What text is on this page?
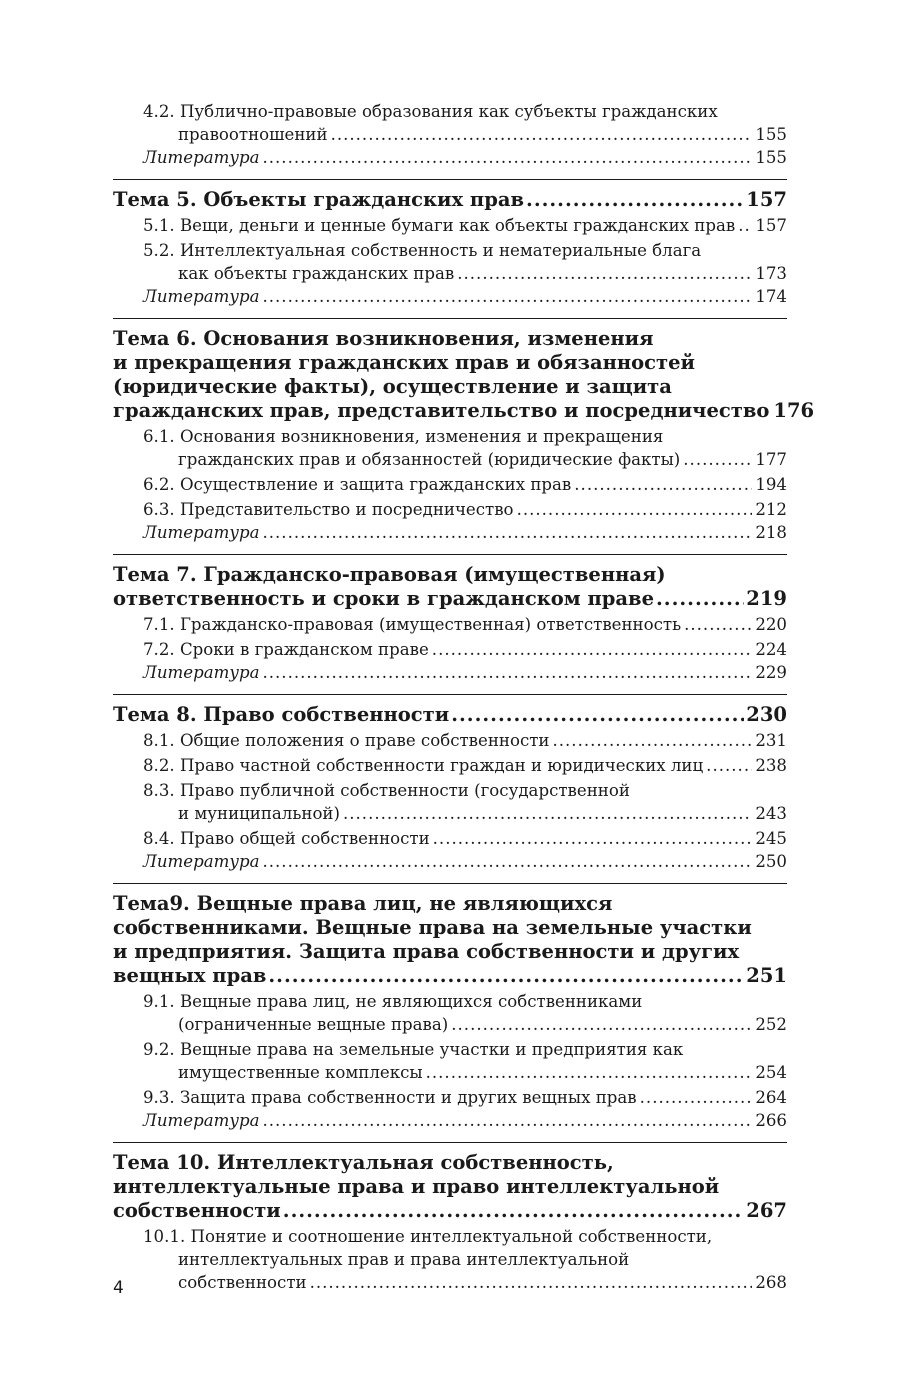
4.2. Публично-правовые образования как субъекты гражданских
правоотношений .....	155
Литература .....	155
Тема 5. Объекты гражданских прав .....	157
5.1. Вещи, деньги и ценные бумаги как объекты гражданских прав ..... 157
5.2. Интеллектуальная собственность и нематериальные блага
как объекты гражданских прав .....	173
Литература .....	174
Тема 6. Основания возникновения, изменения
и прекращения гражданских прав и обязанностей
(юридические факты), осуществление и защита
гражданских прав, представительство и посредничество 176
6.1. Основания возникновения, изменения и прекращения
гражданских прав и обязанностей (юридические факты) .....	177
6.2. Осуществление и защита гражданских прав .....	194
6.3. Представительство и посредничество .....	212
Литература .....	218
Тема 7. Гражданско-правовая (имущественная)
ответственность и сроки в гражданском праве .....	219
7.1. Гражданско-правовая (имущественная) ответственность .....	220
7.2. Сроки в гражданском праве .....	224
Литература .....	229
Тема 8. Право собственности .....	230
8.1. Общие положения о праве собственности .....	231
8.2. Право частной собственности граждан и юридических лиц .....	238
8.3. Право публичной собственности (государственной
и муниципальной) .....	243
8.4. Право общей собственности .....	245
Литература .....	250
Тема9. Вещные права лиц, не являющихся
собственниками. Вещные права на земельные участки
и предприятия. Защита права собственности и других
вещных прав .....	251
9.1. Вещные права лиц, не являющихся собственниками
(ограниченные вещные права) .....	252
9.2. Вещные права на земельные участки и предприятия как
имущественные комплексы .....	254
9.3. Защита права собственности и других вещных прав .....	264
Литература .....	266
Тема 10. Интеллектуальная собственность,
интеллектуальные права и право интеллектуальной
собственности .....	267
10.1. Понятие и соотношение интеллектуальной собственности,
интеллектуальных прав и права интеллектуальной
собственности .....	268
4
